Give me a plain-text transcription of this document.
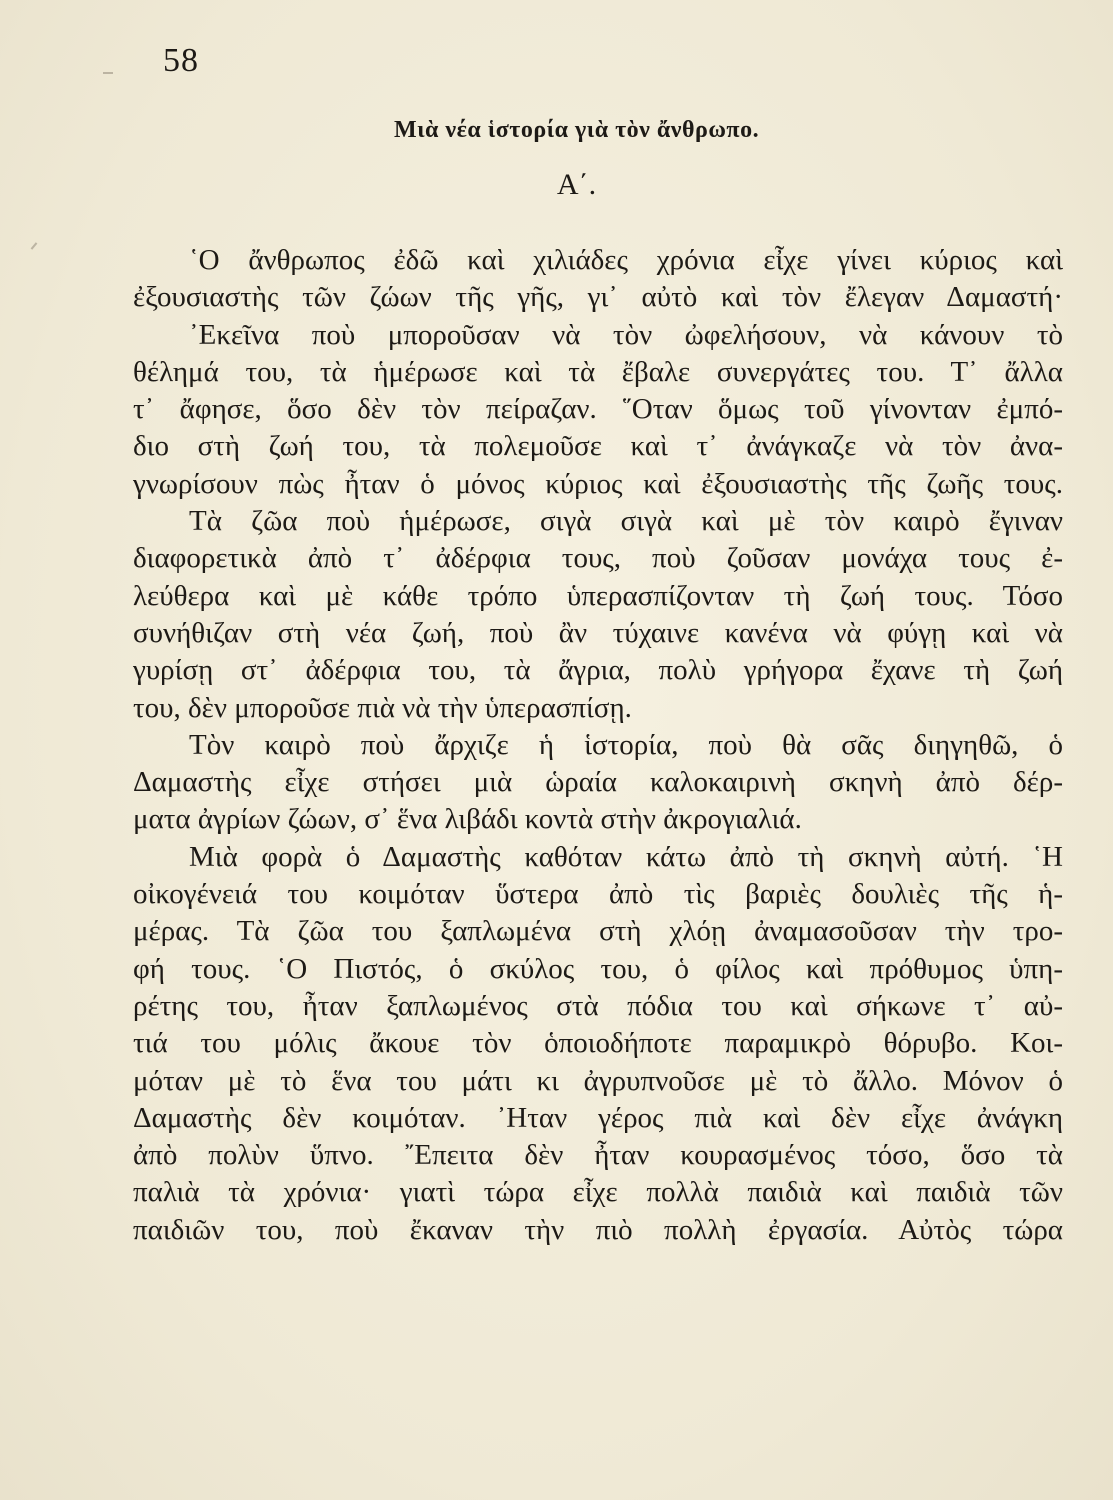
58
Μιὰ νέα ἱστορία γιὰ τὸν ἄνθρωπο.
Α΄.
῾Ο ἄνθρωπος ἐδῶ καὶ χιλιάδες χρόνια εἶχε γίνει κύριος καὶ
ἐξουσιαστὴς τῶν ζώων τῆς γῆς, γι᾽ αὐτὸ καὶ τὸν ἔλεγαν Δαμαστή·
᾽Εκεῖνα ποὺ μποροῦσαν νὰ τὸν ὠφελήσουν, νὰ κάνουν τὸ
θέλημά του, τὰ ἡμέρωσε καὶ τὰ ἔβαλε συνεργάτες του. Τ᾽ ἄλλα
τ᾽ ἄφησε, ὅσο δὲν τὸν πείραζαν. ῞Οταν ὅμως τοῦ γίνονταν ἐμπό-
διο στὴ ζωή του, τὰ πολεμοῦσε καὶ τ᾽ ἀνάγκαζε νὰ τὸν ἀνα-
γνωρίσουν πὼς ἦταν ὁ μόνος κύριος καὶ ἐξουσιαστὴς τῆς ζωῆς τους.
Τὰ ζῶα ποὺ ἡμέρωσε, σιγὰ σιγὰ καὶ μὲ τὸν καιρὸ ἔγιναν
διαφορετικὰ ἀπὸ τ᾽ ἀδέρφια τους, ποὺ ζοῦσαν μονάχα τους ἐ-
λεύθερα καὶ μὲ κάθε τρόπο ὑπερασπίζονταν τὴ ζωή τους. Τόσο
συνήθιζαν στὴ νέα ζωή, ποὺ ἂν τύχαινε κανένα νὰ φύγῃ καὶ νὰ
γυρίσῃ στ᾽ ἀδέρφια του, τὰ ἄγρια, πολὺ γρήγορα ἔχανε τὴ ζωή
του, δὲν μποροῦσε πιὰ νὰ τὴν ὑπερασπίσῃ.
Τὸν καιρὸ ποὺ ἄρχιζε ἡ ἱστορία, ποὺ θὰ σᾶς διηγηθῶ, ὁ
Δαμαστὴς εἶχε στήσει μιὰ ὡραία καλοκαιρινὴ σκηνὴ ἀπὸ δέρ-
ματα ἀγρίων ζώων, σ᾽ ἕνα λιβάδι κοντὰ στὴν ἀκρογιαλιά.
Μιὰ φορὰ ὁ Δαμαστὴς καθόταν κάτω ἀπὸ τὴ σκηνὴ αὐτή. ῾Η
οἰκογένειά του κοιμόταν ὕστερα ἀπὸ τὶς βαριὲς δουλιὲς τῆς ἡ-
μέρας. Τὰ ζῶα του ξαπλωμένα στὴ χλόῃ ἀναμασοῦσαν τὴν τρο-
φή τους. ῾Ο Πιστός, ὁ σκύλος του, ὁ φίλος καὶ πρόθυμος ὑπη-
ρέτης του, ἦταν ξαπλωμένος στὰ πόδια του καὶ σήκωνε τ᾽ αὐ-
τιά του μόλις ἄκουε τὸν ὁποιοδήποτε παραμικρὸ θόρυβο. Κοι-
μόταν μὲ τὸ ἕνα του μάτι κι ἀγρυπνοῦσε μὲ τὸ ἄλλο. Μόνον ὁ
Δαμαστὴς δὲν κοιμόταν. ᾽Ηταν γέρος πιὰ καὶ δὲν εἶχε ἀνάγκη
ἀπὸ πολὺν ὕπνο. ῎Επειτα δὲν ἦταν κουρασμένος τόσο, ὅσο τὰ
παλιὰ τὰ χρόνια· γιατὶ τώρα εἶχε πολλὰ παιδιὰ καὶ παιδιὰ τῶν
παιδιῶν του, ποὺ ἔκαναν τὴν πιὸ πολλὴ ἐργασία. Αὐτὸς τώρα
